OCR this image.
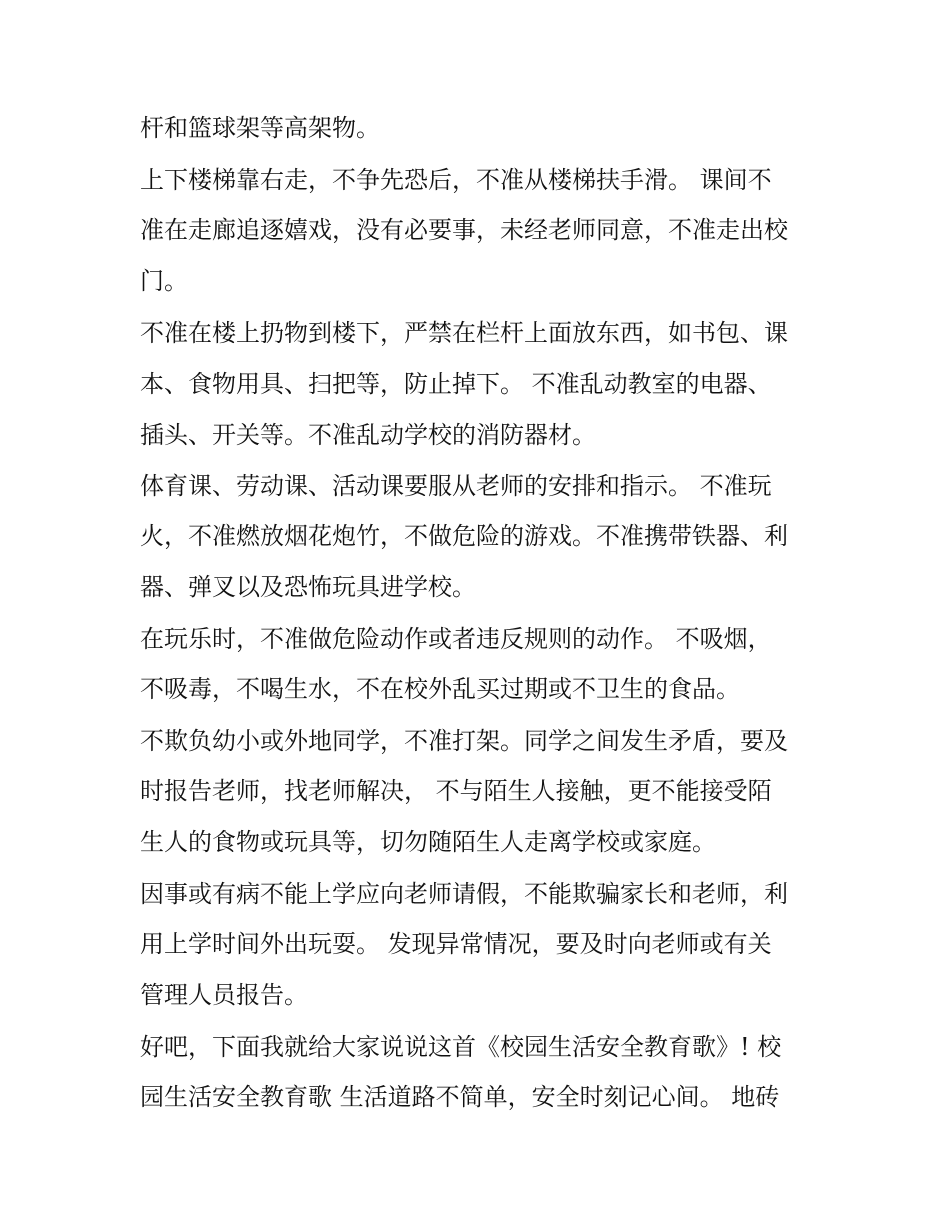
杆和篮球架等高架物。
上下楼梯靠右走，不争先恐后，不准从楼梯扶手滑。 课间不
准在走廊追逐嬉戏，没有必要事，未经老师同意，不准走出校
门。
不准在楼上扔物到楼下，严禁在栏杆上面放东西，如书包、课
本、食物用具、扫把等，防止掉下。 不准乱动教室的电器、
插头、开关等。不准乱动学校的消防器材。
体育课、劳动课、活动课要服从老师的安排和指示。 不准玩
火，不准燃放烟花炮竹，不做危险的游戏。不准携带铁器、利
器、弹叉以及恐怖玩具进学校。
在玩乐时，不准做危险动作或者违反规则的动作。 不吸烟，
不吸毒，不喝生水，不在校外乱买过期或不卫生的食品。
不欺负幼小或外地同学，不准打架。同学之间发生矛盾，要及
时报告老师，找老师解决， 不与陌生人接触，更不能接受陌
生人的食物或玩具等，切勿随陌生人走离学校或家庭。
因事或有病不能上学应向老师请假，不能欺骗家长和老师，利
用上学时间外出玩耍。 发现异常情况，要及时向老师或有关
管理人员报告。
好吧，下面我就给大家说说这首《校园生活安全教育歌》! 校
园生活安全教育歌 生活道路不简单，安全时刻记心间。 地砖
